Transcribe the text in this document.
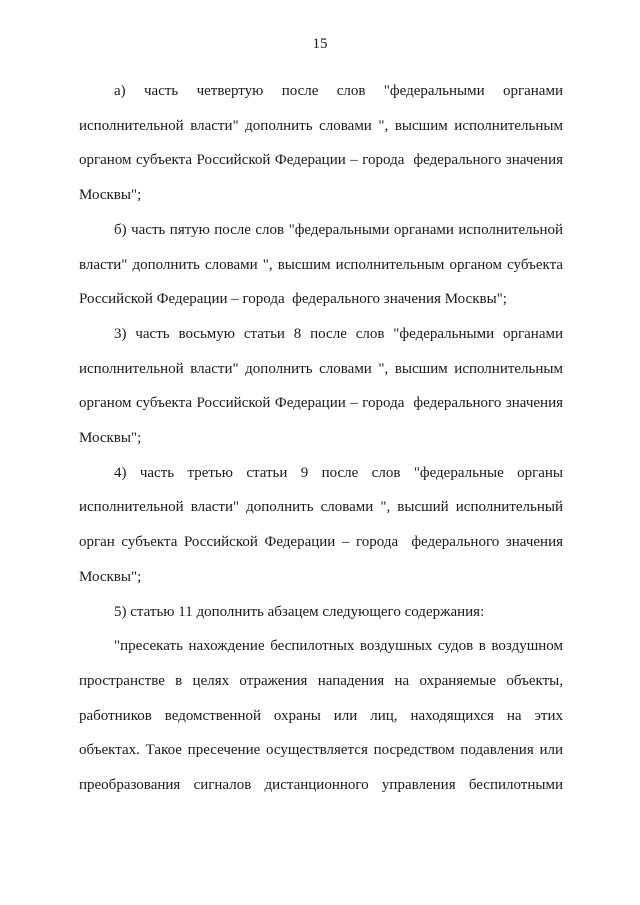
15
а)  часть  четвертую  после  слов  "федеральными  органами
исполнительной власти" дополнить словами ", высшим исполнительным
органом субъекта Российской Федерации – города  федерального значения
Москвы";
б) часть пятую после слов "федеральными органами исполнительной
власти" дополнить словами ", высшим исполнительным органом субъекта
Российской Федерации – города  федерального значения Москвы";
3) часть восьмую статьи 8 после слов "федеральными органами
исполнительной власти" дополнить словами ", высшим исполнительным
органом субъекта Российской Федерации – города  федерального значения
Москвы";
4) часть третью статьи 9 после слов "федеральные органы
исполнительной власти" дополнить словами ", высший исполнительный
орган субъекта Российской Федерации – города  федерального значения
Москвы";
5) статью 11 дополнить абзацем следующего содержания:
"пресекать нахождение беспилотных воздушных судов в воздушном
пространстве в целях отражения нападения на охраняемые объекты,
работников ведомственной охраны или лиц, находящихся на этих
объектах. Такое пресечение осуществляется посредством подавления или
преобразования сигналов дистанционного управления беспилотными
